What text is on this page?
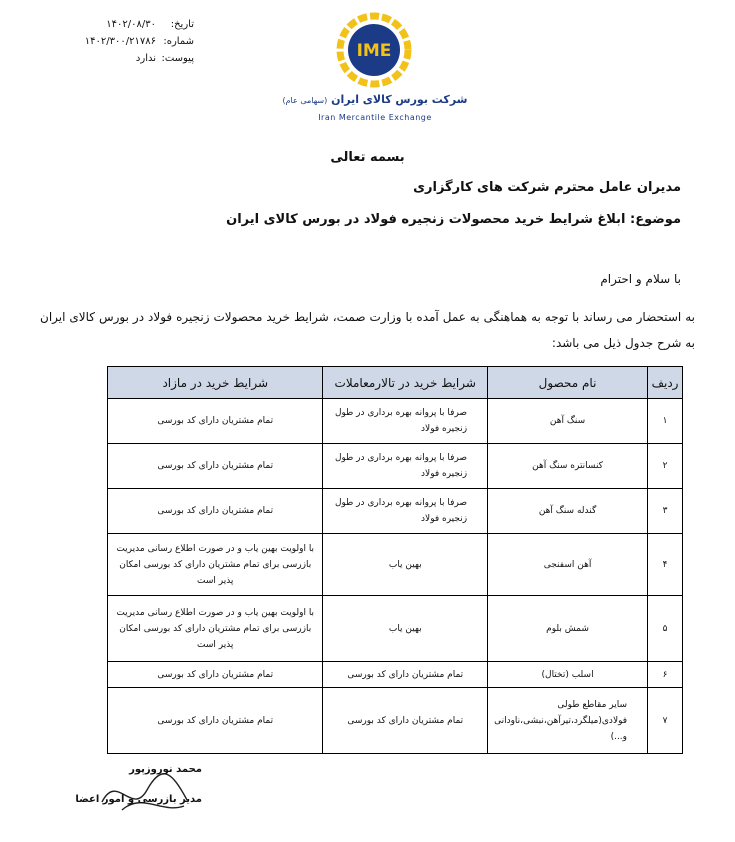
تاریخ:
۱۴۰۲/۰۸/۳۰
شماره:
۱۴۰۲/۳۰۰/۲۱۷۸۶
پیوست:
ندارد	IME
شرکت بورس کالای ایران (سهامی عام)
Iran Mercantile Exchange
بسمه تعالی
مدیران عامل محترم شرکت های کارگزاری
موضوع: ابلاغ شرایط خرید محصولات زنجیره فولاد در بورس کالای ایران
با سلام و احترام
به استحضار می رساند با توجه به هماهنگی به عمل آمده با وزارت صمت، شرایط خرید محصولات زنجیره فولاد در بورس کالای ایران به شرح جدول ذیل می باشد:
ردیف	نام محصول	شرایط خرید در تالارمعاملات	شرایط خرید در مازاد
۱	سنگ آهن	صرفا با پروانه بهره برداری در طول زنجیره فولاد	تمام مشتریان دارای کد بورسی
۲	کنسانتره سنگ آهن	صرفا با پروانه بهره برداری در طول زنجیره فولاد	تمام مشتریان دارای کد بورسی
۳	گندله سنگ آهن	صرفا با پروانه بهره برداری در طول زنجیره فولاد	تمام مشتریان دارای کد بورسی
۴	آهن اسفنجی	بهین یاب	با اولویت بهین یاب و در صورت اطلاع رسانی مدیریت بازرسی برای تمام مشتریان دارای کد بورسی امکان پذیر است
۵	شمش بلوم	بهین یاب	با اولویت بهین یاب و در صورت اطلاع رسانی مدیریت بازرسی برای تمام مشتریان دارای کد بورسی امکان پذیر است
۶	اسلب (تختال)	تمام مشتریان دارای کد بورسی	تمام مشتریان دارای کد بورسی
۷	سایر مقاطع طولی فولادی(میلگرد،تیرآهن،نبشی،ناودانی و...)	تمام مشتریان دارای کد بورسی	تمام مشتریان دارای کد بورسی
محمد نوروزپور
مدیر بازرسی و امور اعضا
